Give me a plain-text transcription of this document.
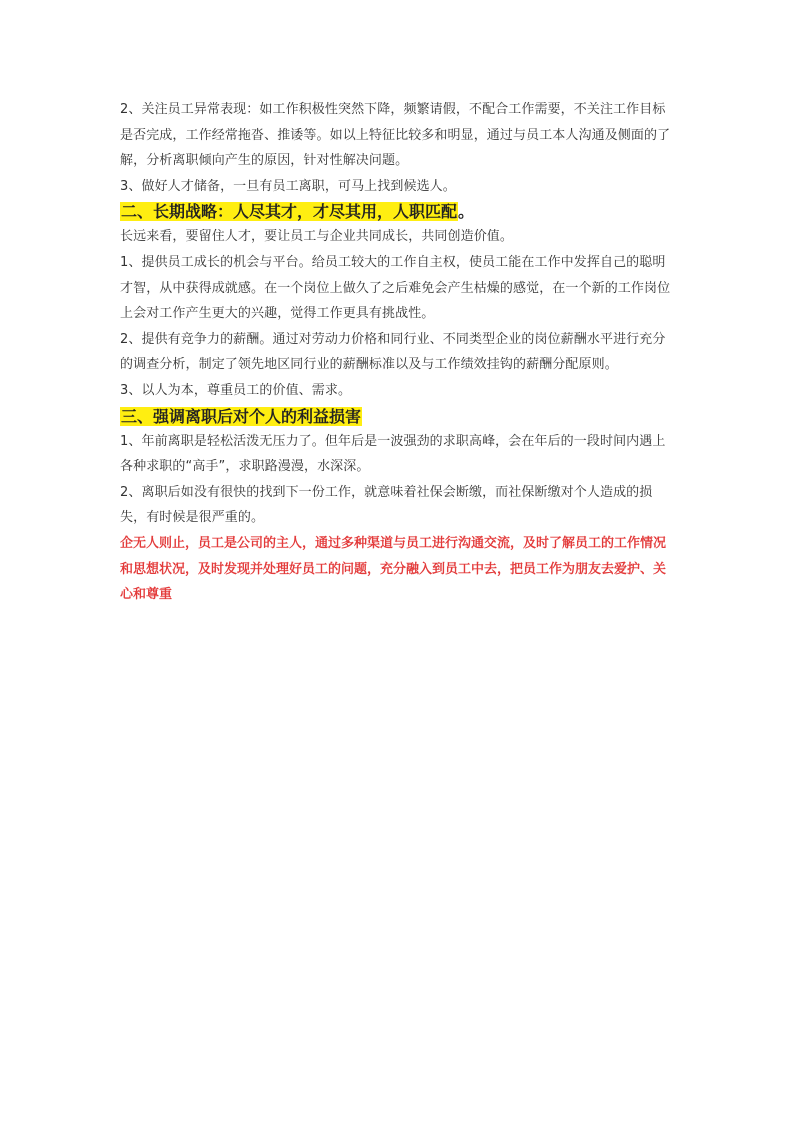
2、关注员工异常表现：如工作积极性突然下降，频繁请假，不配合工作需要，不关注工作目标是否完成，工作经常拖沓、推诿等。如以上特征比较多和明显，通过与员工本人沟通及侧面的了解，分析离职倾向产生的原因，针对性解决问题。

3、做好人才储备，一旦有员工离职，可马上找到候选人。

二、长期战略：人尽其才，才尽其用，人职匹配。

长远来看，要留住人才，要让员工与企业共同成长，共同创造价值。

1、提供员工成长的机会与平台。给员工较大的工作自主权，使员工能在工作中发挥自己的聪明才智，从中获得成就感。在一个岗位上做久了之后难免会产生枯燥的感觉，在一个新的工作岗位上会对工作产生更大的兴趣，觉得工作更具有挑战性。

2、提供有竞争力的薪酬。通过对劳动力价格和同行业、不同类型企业的岗位薪酬水平进行充分的调查分析，制定了领先地区同行业的薪酬标准以及与工作绩效挂钩的薪酬分配原则。

3、以人为本，尊重员工的价值、需求。

三、强调离职后对个人的利益损害

1、年前离职是轻松活泼无压力了。但年后是一波强劲的求职高峰，会在年后的一段时间内遇上各种求职的“高手”，求职路漫漫，水深深。

2、离职后如没有很快的找到下一份工作，就意味着社保会断缴，而社保断缴对个人造成的损失，有时候是很严重的。

企无人则止，员工是公司的主人，通过多种渠道与员工进行沟通交流，及时了解员工的工作情况和思想状况，及时发现并处理好员工的问题，充分融入到员工中去，把员工作为朋友去爱护、关心和尊重
